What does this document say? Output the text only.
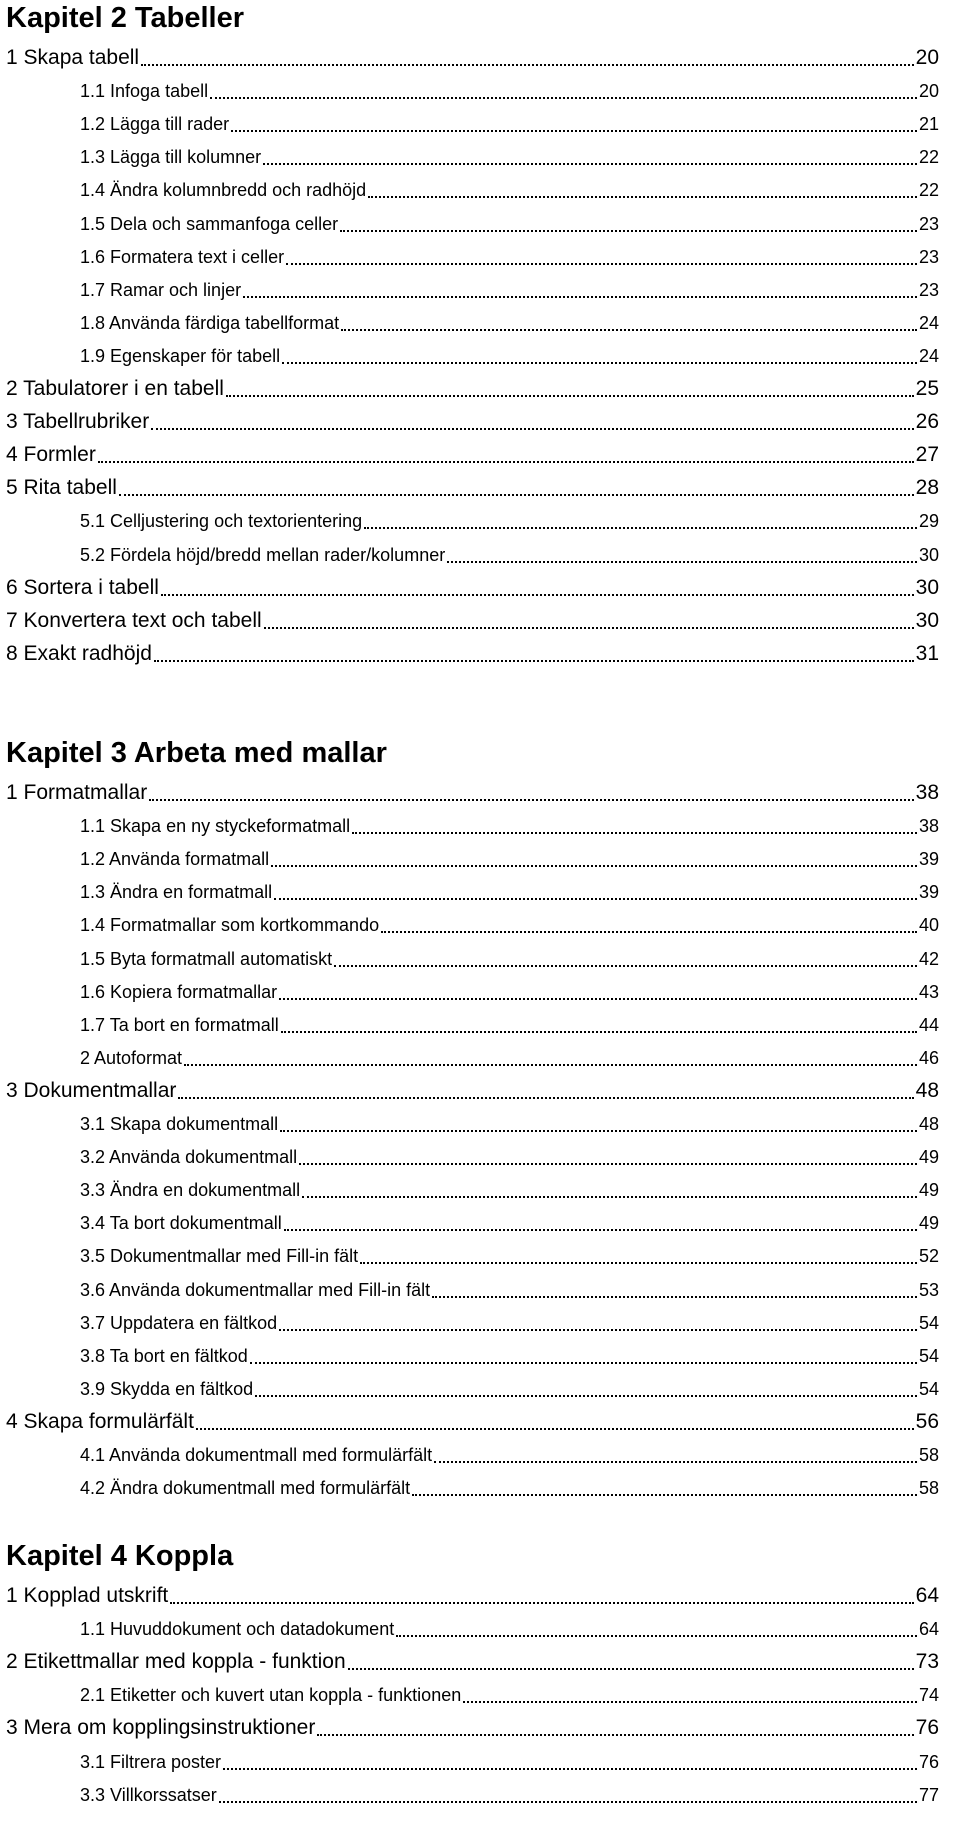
Kapitel 2 Tabeller
1 Skapa tabell	20
1.1 Infoga tabell	20
1.2 Lägga till rader	21
1.3 Lägga till kolumner	22
1.4 Ändra kolumnbredd och radhöjd	22
1.5 Dela och sammanfoga celler	23
1.6 Formatera text i celler	23
1.7 Ramar och linjer	23
1.8 Använda färdiga tabellformat	24
1.9 Egenskaper för tabell	24
2 Tabulatorer i en tabell	25
3 Tabellrubriker	26
4 Formler	27
5 Rita tabell	28
5.1 Celljustering och textorientering	29
5.2 Fördela höjd/bredd mellan rader/kolumner	30
6 Sortera i tabell	30
7 Konvertera text och tabell	30
8 Exakt radhöjd	31
Kapitel 3 Arbeta med mallar
1 Formatmallar	38
1.1 Skapa en ny styckeformatmall	38
1.2 Använda formatmall	39
1.3 Ändra en formatmall	39
1.4 Formatmallar som kortkommando	40
1.5 Byta formatmall automatiskt	42
1.6 Kopiera formatmallar	43
1.7 Ta bort en formatmall	44
2 Autoformat	46
3 Dokumentmallar	48
3.1 Skapa dokumentmall	48
3.2 Använda dokumentmall	49
3.3 Ändra en dokumentmall	49
3.4 Ta bort dokumentmall	49
3.5 Dokumentmallar med Fill-in fält	52
3.6 Använda dokumentmallar med Fill-in fält	53
3.7 Uppdatera en fältkod	54
3.8 Ta bort en fältkod	54
3.9 Skydda en fältkod	54
4 Skapa formulärfält	56
4.1 Använda dokumentmall med formulärfält	58
4.2 Ändra dokumentmall med formulärfält	58
Kapitel 4 Koppla
1 Kopplad utskrift	64
1.1 Huvuddokument och datadokument	64
2 Etikettmallar med koppla - funktion	73
2.1 Etiketter och kuvert utan koppla - funktionen	74
3 Mera om kopplingsinstruktioner	76
3.1 Filtrera poster	76
3.3 Villkorssatser	77
